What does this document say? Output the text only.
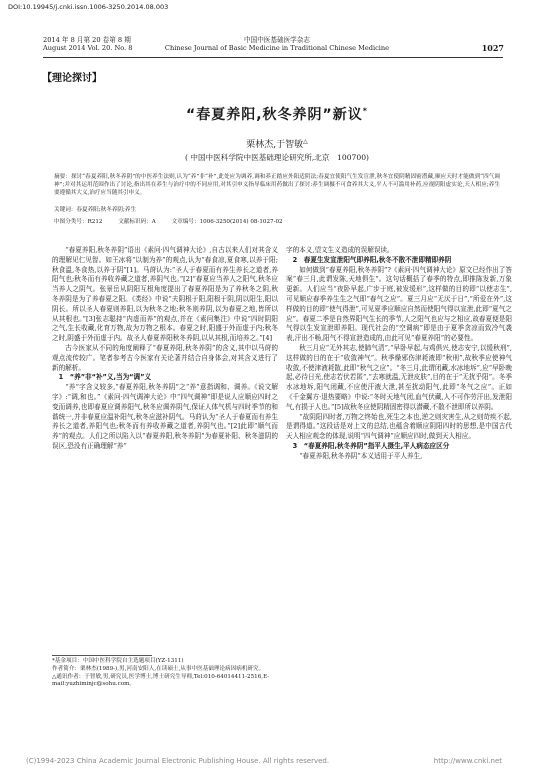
DOI:10.19945/j.cnki.issn.1006-3250.2014.08.003
2014 年 8 月第 20 卷第 8 期
August 2014 Vol. 20. No. 8
中国中医基础医学杂志
Chinese Journal of Basic Medicine in Traditional Chinese Medicine	1027
【理论探讨】
“春夏养阳,秋冬养阴”新议*
栗林杰,于智敏△
( 中国中医科学院中医基础理论研究所,北京　100700)
摘要：探讨“春夏养阳,秋冬养阴”的中医养生法则,认为“养”非“补”,此处应为调养,调和养正踏应外阳适阴法;春夏宜使阳气生发宣泄,秋冬宜使阴精固密潜藏,顺应天时才能做到“四气调神”;并对其运用范围作出了讨论,指出其在养生与治疗中的不同应用,对其引申义指导临床用药做出了探讨:养生调摄不可食养其大义,平人不可滥用补药,应视阴阳虚实论,天人相应;养生要遵循其大义,治疗应当随其引申义。
关键词：春夏养阳;秋冬养阴;养生
中图分类号：R212	文献标识码：A	文章编号：1006-3250(2014) 08-1027-02

“春夏养阳,秋冬养阴”语出《素问·四气调神大论》,自古以来人们对其含义的理解见仁见智。如王冰将“以制为养”的观点,认为“春食凉,夏食寒,以养于阳;秋食温,冬食热,以养于阴”[1]。马莳认为:“圣人于春夏而有养生养长之道者,养阳气也;秋冬而有养收养藏之道者,养阴气也。”[2]“春夏应当养人之阳气,秋冬应当养人之阴气。张景岳从阴阳互根角度提出了春夏养阳是为了养秋冬之阴,秋冬养阴是为了养春夏之阳。《类经》中说“夫阴根于阳,阳根于阴,阴以阳生,阳以阴长。所以圣人春夏则养阳,以为秋冬之地;秋冬则养阴,以为春夏之地,皆所以从其根也。”[3]张志聪持“内虚而养”的观点,并在《素问集注》中说“四时阴阳之气,生长收藏,化育万物,故为万物之根本。春夏之时,阳盛于外而虚于内;秋冬之时,阴盛于外而虚于内。故圣人春夏养阳秋冬养阴,以从其根,而培养之。”[4]

古今医家从不同的角度阐释了“春夏养阳,秋冬养阴”的含义,其中以马莳的观点流传较广。笔者参考古今医家有关论著并结合自身体会,对其含义进行了新的解析。

1　“养”非“补”义,当为“调”义

“养”字含义较多,“春夏养阳,秋冬养阴”之“养”意指调和、调养。《说文解字》:“调,和也。”《素问·四气调神大论》中“四气调神”即是说人应顺应四时之变而调养,也即春夏应调养阳气,秋冬应调养阴气,保证人体气机与四时季节的和谐统一,并非春夏应温补阳气,秋冬应滋补阴气。马莳认为“圣人于春夏而有养生养长之道者,养阳气也;秋冬而有养收养藏之道者,养阴气也。”[2]此即“顺气而养”的观点。人们之所以陷入以“春夏养阳,秋冬养阴”为春夏补阳、秋冬滋阴的误区,恐没有正确理解“养”

*基金项目：中国中医科学院自主选题项目(YZ-1311)

作者简介：栗林杰(1989-),男,河南安阳人,在读硕士,从事中医基础理论病因病机研究。

△通讯作者：于智敏,男,研究员,医学博士,博士研究生导师,Tel:010-64014411-2516,E-mail:yuzhiminjc@sohu.com。

字的本义,望文生义造成的误解误读。

2　春夏生发宣泄阳气即养阳,秋冬不散不泄即精即养阴

如何做到“春夏养阳,秋冬养阴”?《素问·四气调神大论》原文已经作出了答案“春三月,此谓发陈,天地俱生”。这句话概括了春季的特点,即推陈发新,万象更新。人们应当“夜卧早起,广步于庭,被发缓形”,这样做的目的即“以使志生”,可见顺应春季养生生之气即“春气之应”。夏三月应“无厌于日”,“所爱在外”,这样做的目的即“使气得泄”,可见夏季应顺应自然而使阳气得以宣泄,此即“夏气之应”。春夏二季是自然界阳气生长的季节,人之阳气也应与之相应,故春夏便是阳气得以生发宣泄即养阳。现代社会的“空调病”即是由于夏季贪凉而致冷气袭表,汗出不畅,阳气不得宣泄造成的,由此可见“春夏养阳”的必要性。

秋三月应“无外其志,使肺气清”,“早卧早起,与鸡俱兴,使志安宁,以缓秋刑”,这样做的目的在于“收敛神气”。秋季燥邪伤津耗液即“秋刑”,故秋季应使神气收敛,不使津液耗散,此即“秋气之应”。“冬三月,此谓闭藏,水冰地坼”,应“早卧晚起,必待日光,使志若伏若匿”,“去寒就温,无泄皮肤”,目的在于“无扰乎阳”。冬季水冰地坼,阳气闭藏,不应使汗液大泄,甚至扰动阳气,此即“冬气之应”。正如《千金翼方·退热要略》中说:“冬时天地气闭,血气伏藏,人不可作劳汗出,发泄阳气,有损于人也。”[5]故秋冬应使阴精固密得以潜藏,不散不泄即所以养阴。

“故阴阳四时者,万物之终始也,死生之本也,逆之则灾害生,从之则苛疾不起,是谓得道。”这段话是对上文的总结,也蕴含着顺应阴阳四时的思想,是中国古代天人相应观念的体现,说明“四气调神”应顺应四时,做到天人相应。

3　“春夏养阳,秋冬养阴”指平人摄生,平人病态应区分

“春夏养阳,秋冬养阴”本义适用于平人养生,

(C)1994-2023 China Academic Journal Electronic Publishing House. All rights reserved.	http://www.cnki.net
